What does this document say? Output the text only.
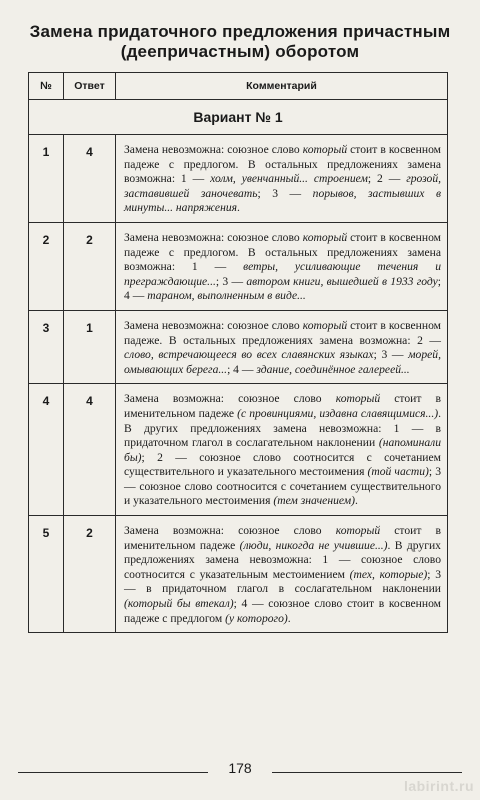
Замена придаточного предложения причастным (деепричастным) оборотом
№	Ответ	Комментарий
Вариант № 1		
1	4	Замена невозможна: союзное слово который стоит в косвенном падеже с предлогом. В остальных предложениях замена возможна: 1 — холм, увенчанный... строением; 2 — грозой, заставившей заночевать; 3 — порывов, застывших в минуты... напряжения.
2	2	Замена невозможна: союзное слово который стоит в косвенном падеже с предлогом. В остальных предложениях замена возможна: 1 — ветры, усиливающие течения и преграждающие...; 3 — автором книги, вышедшей в 1933 году; 4 — тараном, выполненным в виде...
3	1	Замена невозможна: союзное слово который стоит в косвенном падеже. В остальных предложениях замена возможна: 2 — слово, встречающееся во всех славянских языках; 3 — морей, омывающих берега...; 4 — здание, соединённое галереей...
4	4	Замена возможна: союзное слово который стоит в именительном падеже (с провинциями, издавна славящимися...). В других предложениях замена невозможна: 1 — в придаточном глагол в сослагательном наклонении (напоминали бы); 2 — союзное слово соотносится с сочетанием существительного и указательного местоимения (той части); 3 — союзное слово соотносится с сочетанием существительного и указательного местоимения (тем значением).
5	2	Замена возможна: союзное слово который стоит в именительном падеже (люди, никогда не учившие...). В других предложениях замена невозможна: 1 — союзное слово соотносится с указательным местоимением (тех, которые); 3 — в придаточном глагол в сослагательном наклонении (который бы втекал); 4 — союзное слово стоит в косвенном падеже с предлогом (у которого).
178
labirint.ru
